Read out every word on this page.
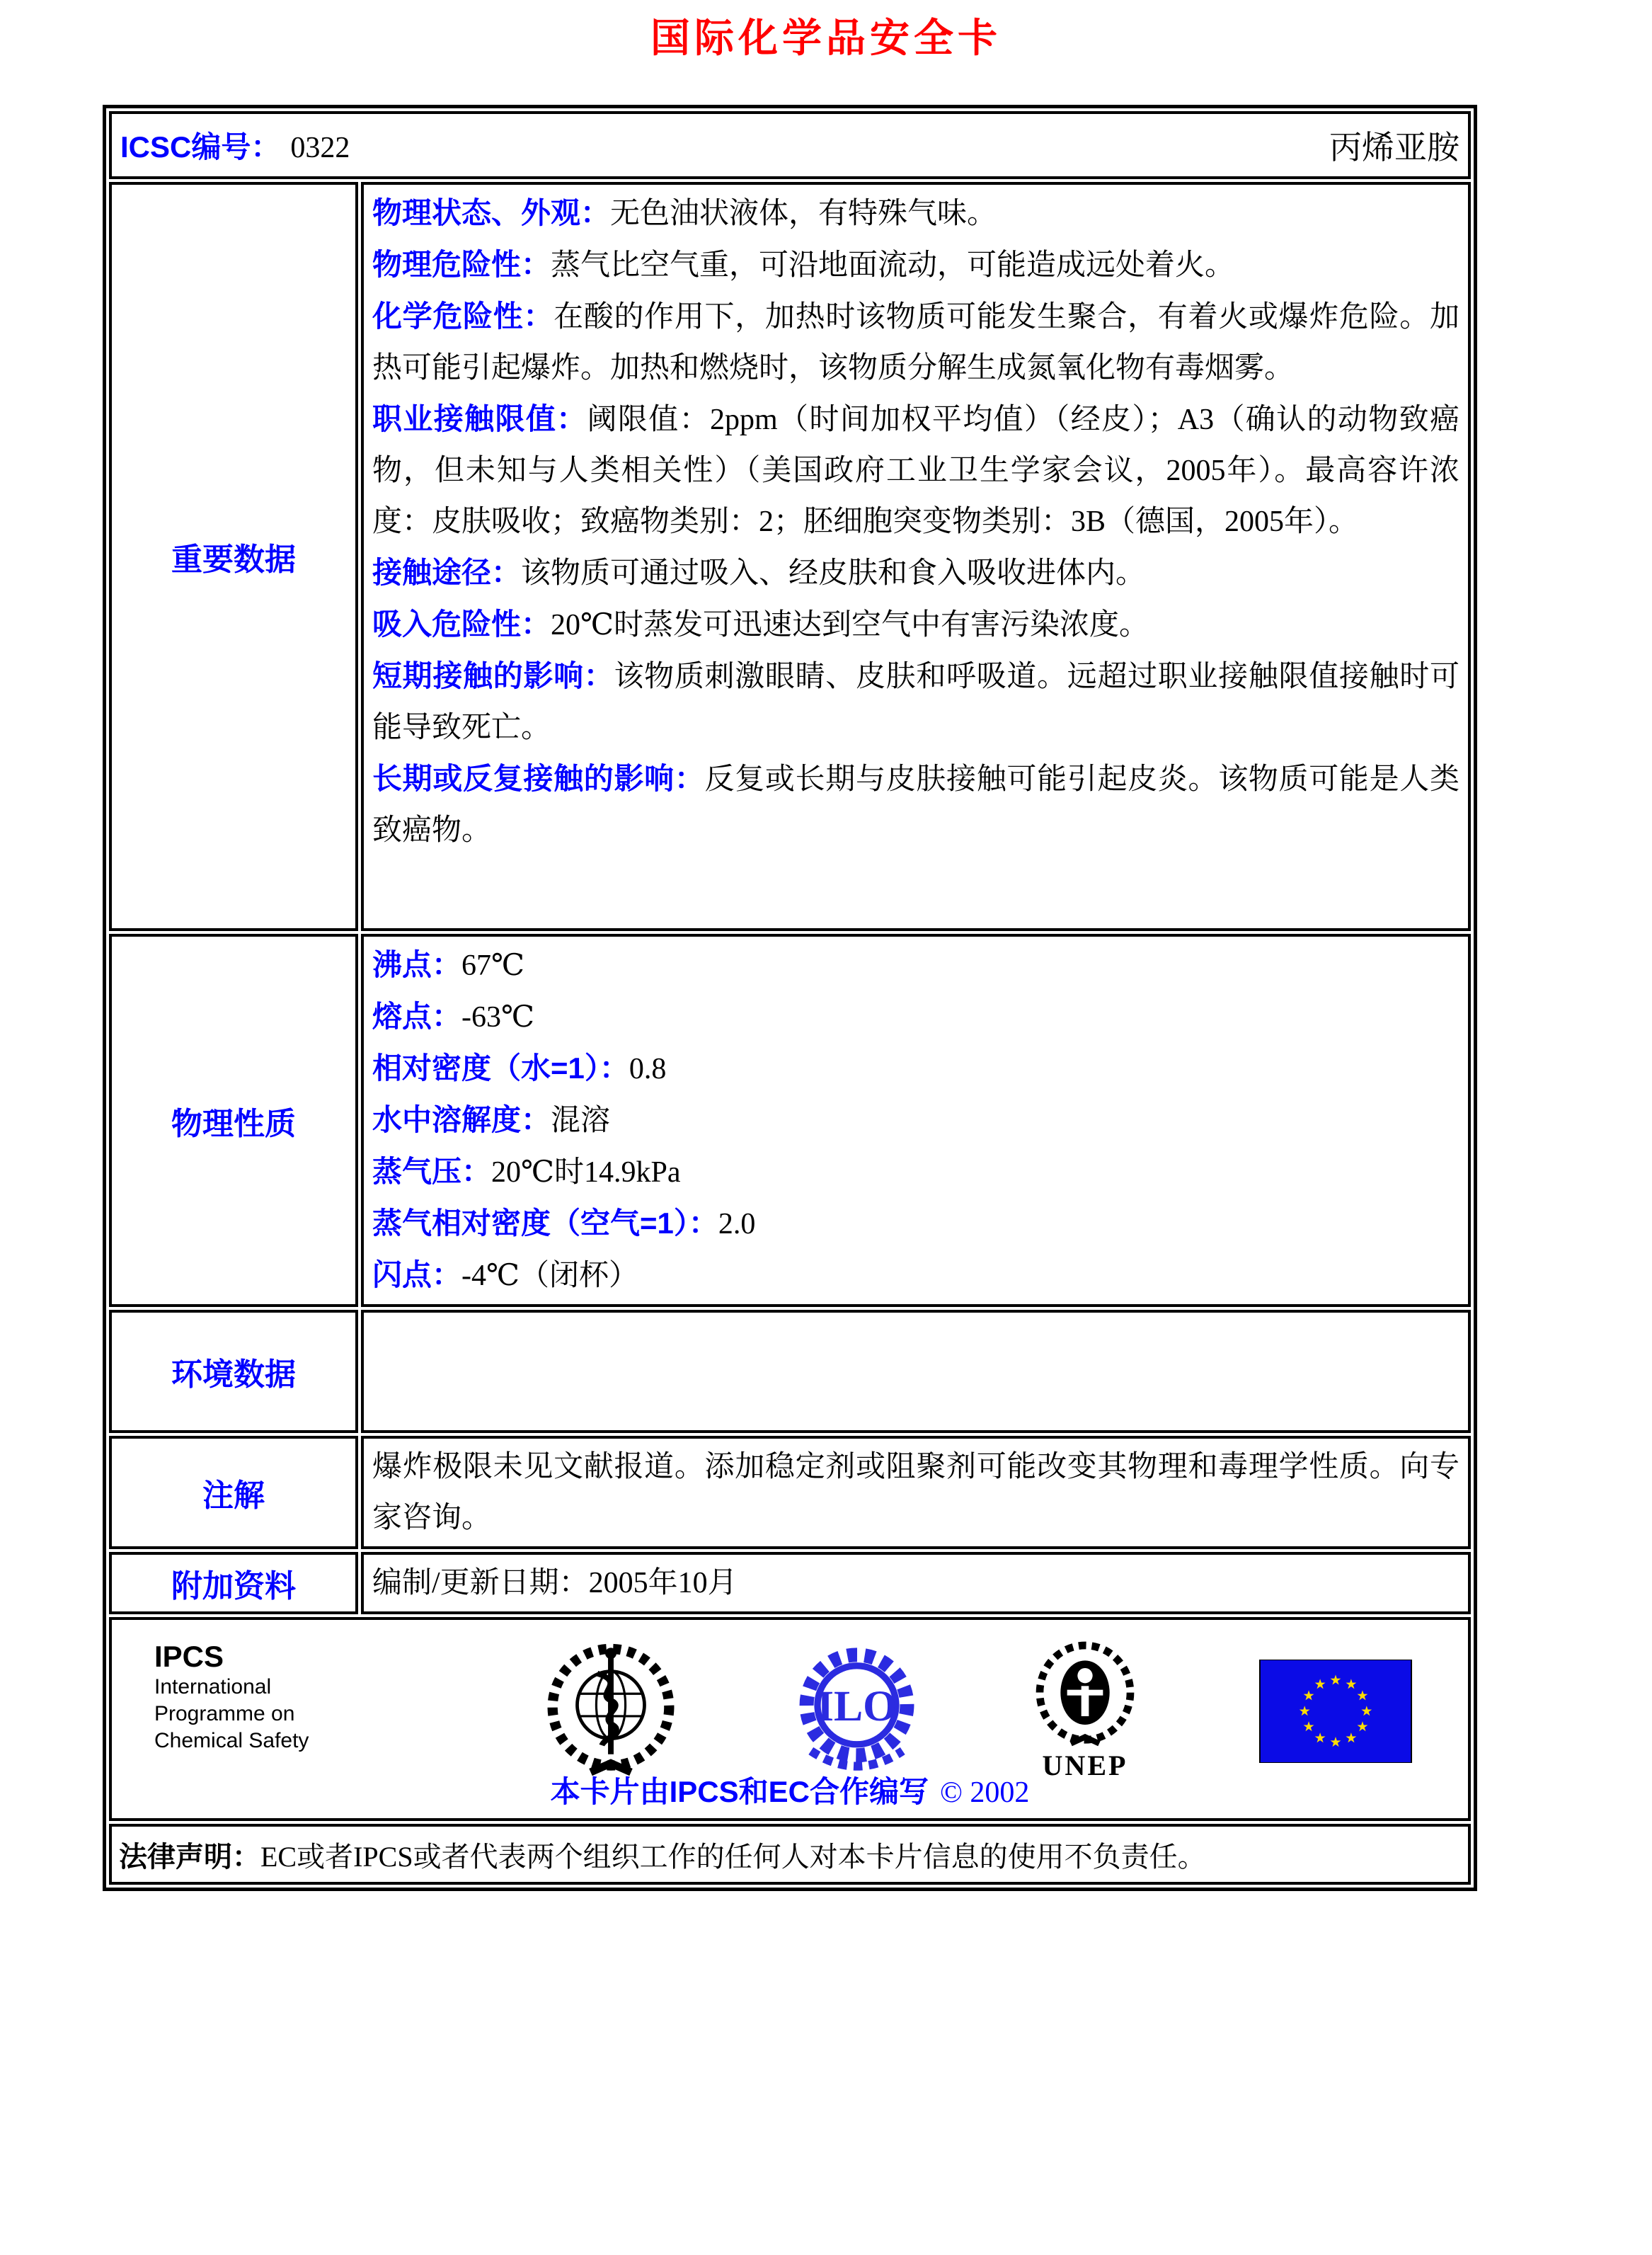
国际化学品安全卡
ICSC编号： 0322	丙烯亚胺
重要数据
物理状态、外观：无色油状液体，有特殊气味。
物理危险性：蒸气比空气重，可沿地面流动，可能造成远处着火。
化学危险性：在酸的作用下，加热时该物质可能发生聚合，有着火或爆炸危险。加热可能引起爆炸。加热和燃烧时，该物质分解生成氮氧化物有毒烟雾。
职业接触限值：阈限值：2ppm（时间加权平均值）（经皮）；A3（确认的动物致癌物，但未知与人类相关性）（美国政府工业卫生学家会议，2005年）。最高容许浓度：皮肤吸收；致癌物类别：2；胚细胞突变物类别：3B（德国，2005年）。
接触途径：该物质可通过吸入、经皮肤和食入吸收进体内。
吸入危险性：20℃时蒸发可迅速达到空气中有害污染浓度。
短期接触的影响：该物质刺激眼睛、皮肤和呼吸道。远超过职业接触限值接触时可能导致死亡。
长期或反复接触的影响：反复或长期与皮肤接触可能引起皮炎。该物质可能是人类致癌物。
物理性质
沸点：67℃
熔点：-63℃
相对密度（水=1）：0.8
水中溶解度：混溶
蒸气压：20℃时14.9kPa
蒸气相对密度（空气=1）：2.0
闪点：-4℃（闭杯）
环境数据
注解
爆炸极限未见文献报道。添加稳定剂或阻聚剂可能改变其物理和毒理学性质。向专家咨询。
附加资料	编制/更新日期：2005年10月
IPCS
International
Programme on
Chemical Safety
ILO
UNEP
本卡片由IPCS和EC合作编写 © 2002
法律声明： EC或者IPCS或者代表两个组织工作的任何人对本卡片信息的使用不负责任。
